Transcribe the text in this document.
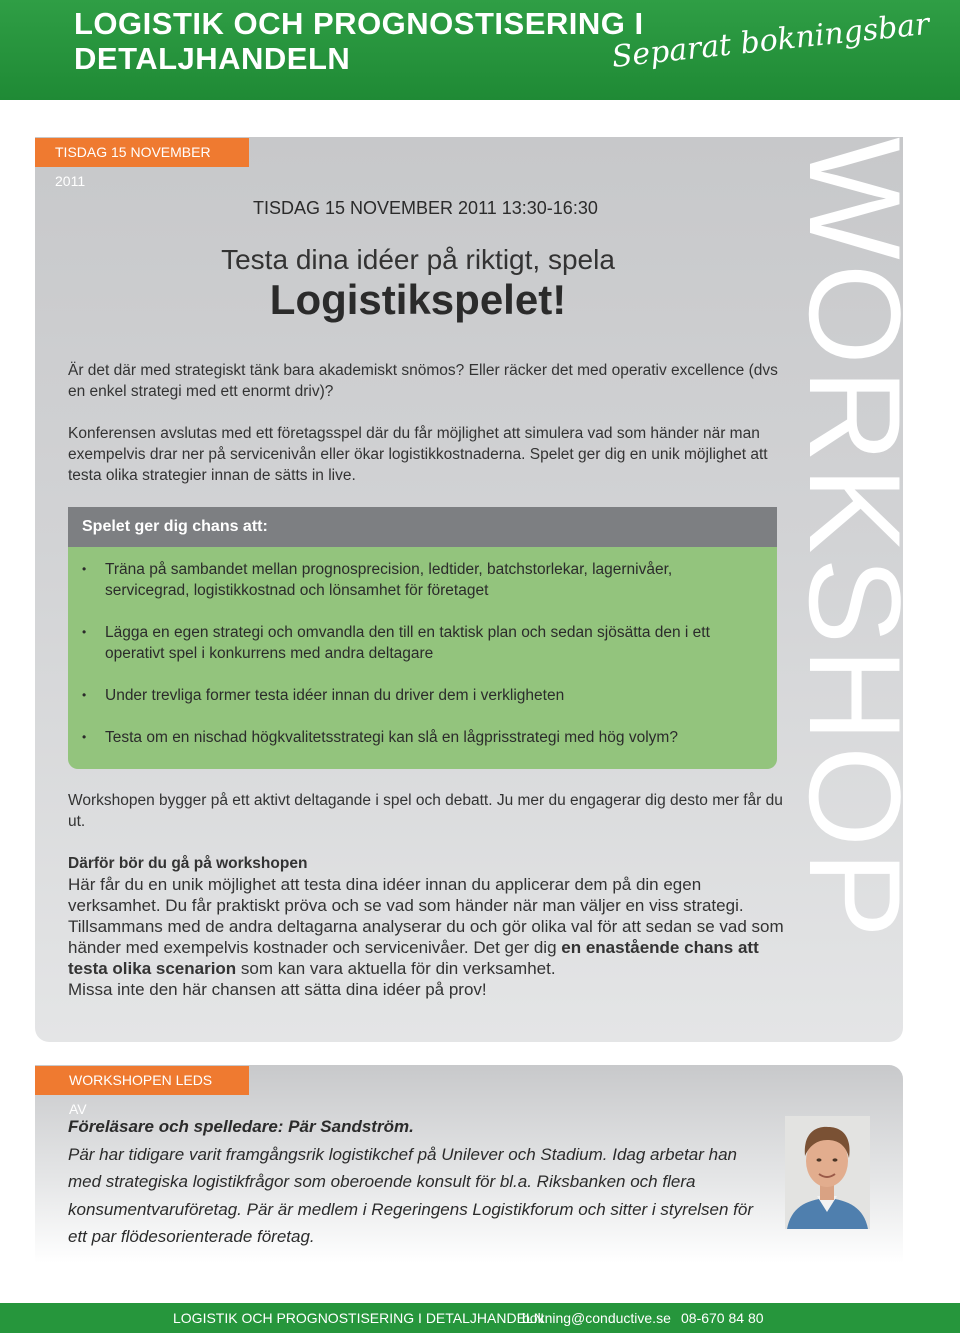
LOGISTIK OCH PROGNOSTISERING I DETALJHANDELN	Separat bokningsbar
TISDAG 15 NOVEMBER 2011	WORKSHOP
TISDAG 15 NOVEMBER 2011 13:30-16:30
Testa dina idéer på riktigt, spela
Logistikspelet!

Är det där med strategiskt tänk bara akademiskt snömos? Eller räcker det med operativ excellence (dvs en enkel strategi med ett enormt driv)?

Konferensen avslutas med ett företagsspel där du får möjlighet att simulera vad som händer när man exempelvis drar ner på servicenivån eller ökar logistikkostnaderna. Spelet ger dig en unik möjlighet att testa olika strategier innan de sätts in live.

Spelet ger dig chans att:
• Träna på sambandet mellan prognosprecision, ledtider, batchstorlekar, lagernivåer, servicegrad, logistikkostnad och lönsamhet för företaget
• Lägga en egen strategi och omvandla den till en taktisk plan och sedan sjösätta den i ett operativt spel i konkurrens med andra deltagare
• Under trevliga former testa idéer innan du driver dem i verkligheten
• Testa om en nischad högkvalitetsstrategi kan slå en lågprisstrategi med hög volym?

Workshopen bygger på ett aktivt deltagande i spel och debatt. Ju mer du engagerar dig desto mer får du ut.

Därför bör du gå på workshopen
Här får du en unik möjlighet att testa dina idéer innan du applicerar dem på din egen verksamhet. Du får praktiskt pröva och se vad som händer när man väljer en viss strategi. Tillsammans med de andra deltagarna analyserar du och gör olika val för att sedan se vad som händer med exempelvis kostnader och servicenivåer. Det ger dig en enastående chans att testa olika scenarion som kan vara aktuella för din verksamhet.
Missa inte den här chansen att sätta dina idéer på prov!
WORKSHOPEN LEDS AV
Föreläsare och spelledare: Pär Sandström.
Pär har tidigare varit framgångsrik logistikchef på Unilever och Stadium. Idag arbetar han med strategiska logistikfrågor som oberoende konsult för bl.a. Riksbanken och flera konsumentvaruföretag. Pär är medlem i Regeringens Logistikforum och sitter i styrelsen för ett par flödesorienterade företag.
LOGISTIK OCH PROGNOSTISERING I DETALJHANDELN
bokning@conductive.se 08-670 84 80
